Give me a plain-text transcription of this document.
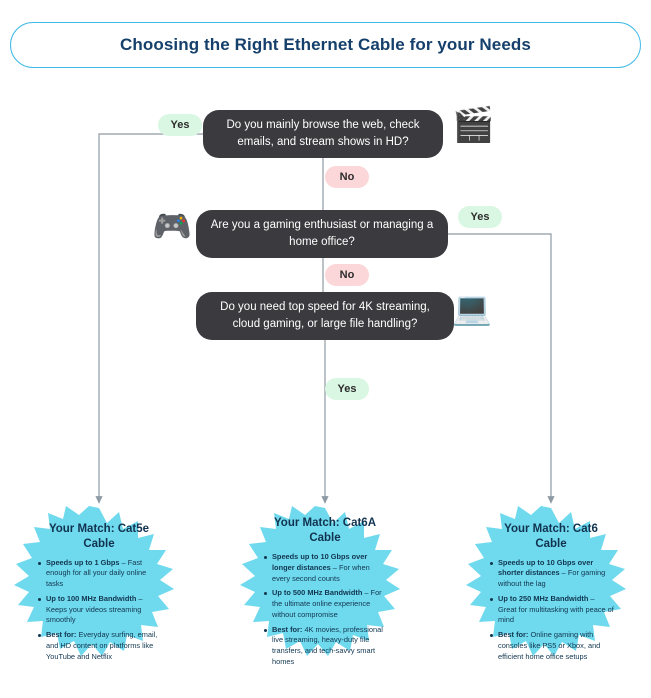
Choosing the Right Ethernet Cable for your Needs
Do you mainly browse the web, check emails, and stream shows in HD?	🎬
Are you a gaming enthusiast or managing a home office?
🎮
Do you need top speed for 4K streaming, cloud gaming, or large file handling?	💻
Yes
No
Yes
No
Yes
Your Match: Cat5e Cable
Speeds up to 1 Gbps – Fast enough for all your daily online tasks
Up to 100 MHz Bandwidth – Keeps your videos streaming smoothly
Best for: Everyday surfing, email, and HD content on platforms like YouTube and Netflix
Your Match: Cat6A Cable
Speeds up to 10 Gbps over longer distances – For when every second counts
Up to 500 MHz Bandwidth – For the ultimate online experience without compromise
Best for: 4K movies, professional live streaming, heavy-duty file transfers, and tech-savvy smart homes
Your Match: Cat6 Cable
Speeds up to 10 Gbps over shorter distances – For gaming without the lag
Up to 250 MHz Bandwidth – Great for multitasking with peace of mind
Best for: Online gaming with consoles like PS5 or Xbox, and efficient home office setups
